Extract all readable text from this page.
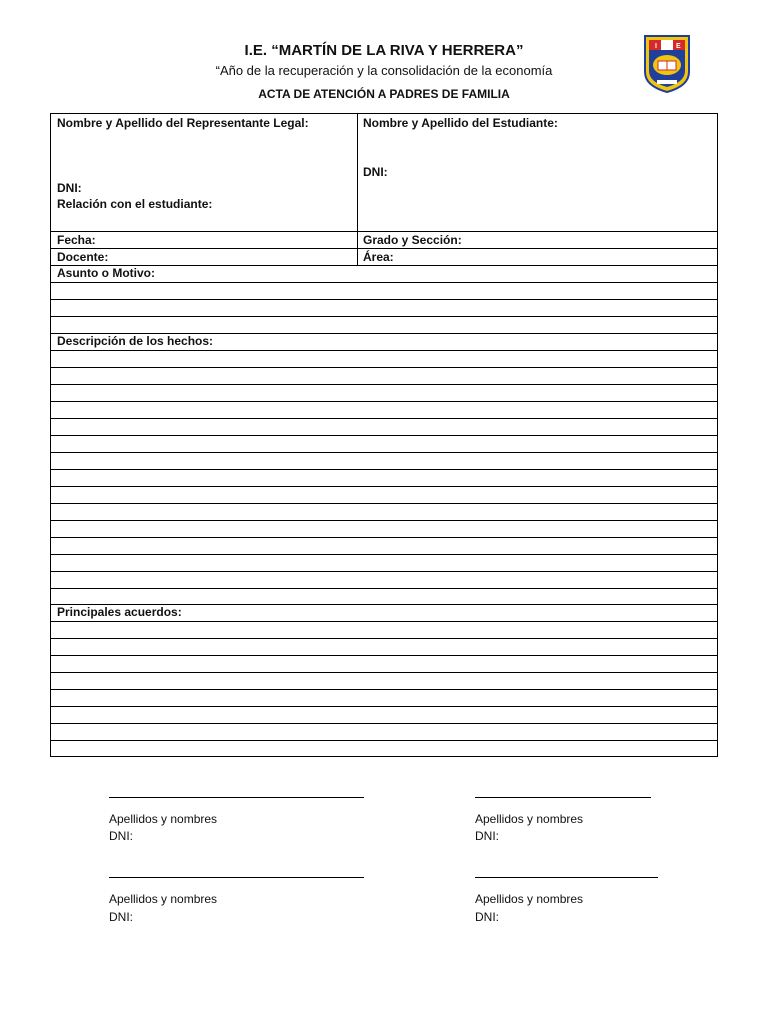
I.E. “MARTÍN DE LA RIVA Y HERRERA”
“Año de la recuperación y la consolidación de la economía
ACTA DE ATENCIÓN A PADRES DE FAMILIA
I	E
Nombre y Apellido del Representante Legal:
DNI:
Relación con el estudiante:
Nombre y Apellido del Estudiante:
DNI:
Fecha:	Grado y Sección:
Docente:	Área:
Asunto o Motivo:
Descripción de los hechos:
Principales acuerdos:
Apellidos y nombres
DNI:
Apellidos y nombres
DNI:
Apellidos y nombres
DNI:
Apellidos y nombres
DNI:
